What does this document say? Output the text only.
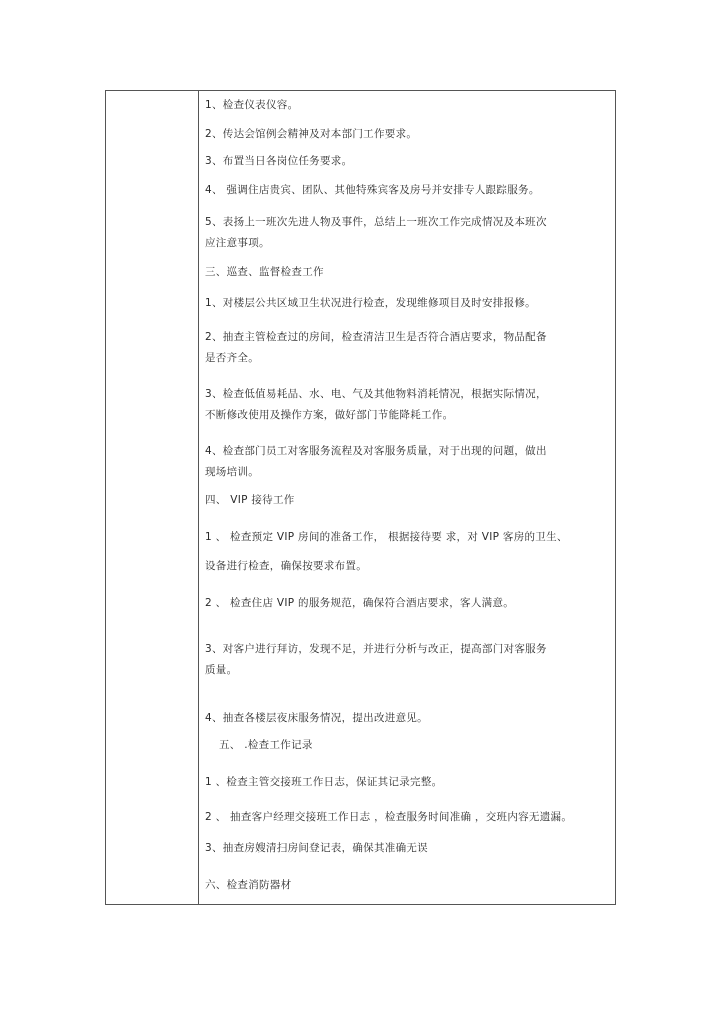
1、检查仪表仪容。
2、传达会馆例会精神及对本部门工作要求。
3、布置当日各岗位任务要求。
4、 强调住店贵宾、团队、其他特殊宾客及房号并安排专人跟踪服务。
5、表扬上一班次先进人物及事件，总结上一班次工作完成情况及本班次
应注意事项。
三、巡查、监督检查工作
1、对楼层公共区域卫生状况进行检查，发现维修项目及时安排报修。
2、抽查主管检查过的房间，检查清洁卫生是否符合酒店要求，物品配备
是否齐全。
3、检查低值易耗品、水、电、气及其他物料消耗情况，根据实际情况，
不断修改使用及操作方案，做好部门节能降耗工作。
4、检查部门员工对客服务流程及对客服务质量，对于出现的问题，做出
现场培训。
四、 VIP 接待工作
1 、 检查预定 VIP 房间的准备工作， 根据接待要 求，对 VIP 客房的卫生、
设备进行检查，确保按要求布置。
2 、 检查住店 VIP 的服务规范，确保符合酒店要求，客人满意。
3、对客户进行拜访，发现不足，并进行分析与改正，提高部门对客服务
质量。
4、抽查各楼层夜床服务情况，提出改进意见。
五、 .检查工作记录
1 、检查主管交接班工作日志，保证其记录完整。
2 、 抽查客户经理交接班工作日志 ，检查服务时间准确 ，交班内容无遗漏。
3、抽查房嫂清扫房间登记表，确保其准确无误
六、检查消防器材
